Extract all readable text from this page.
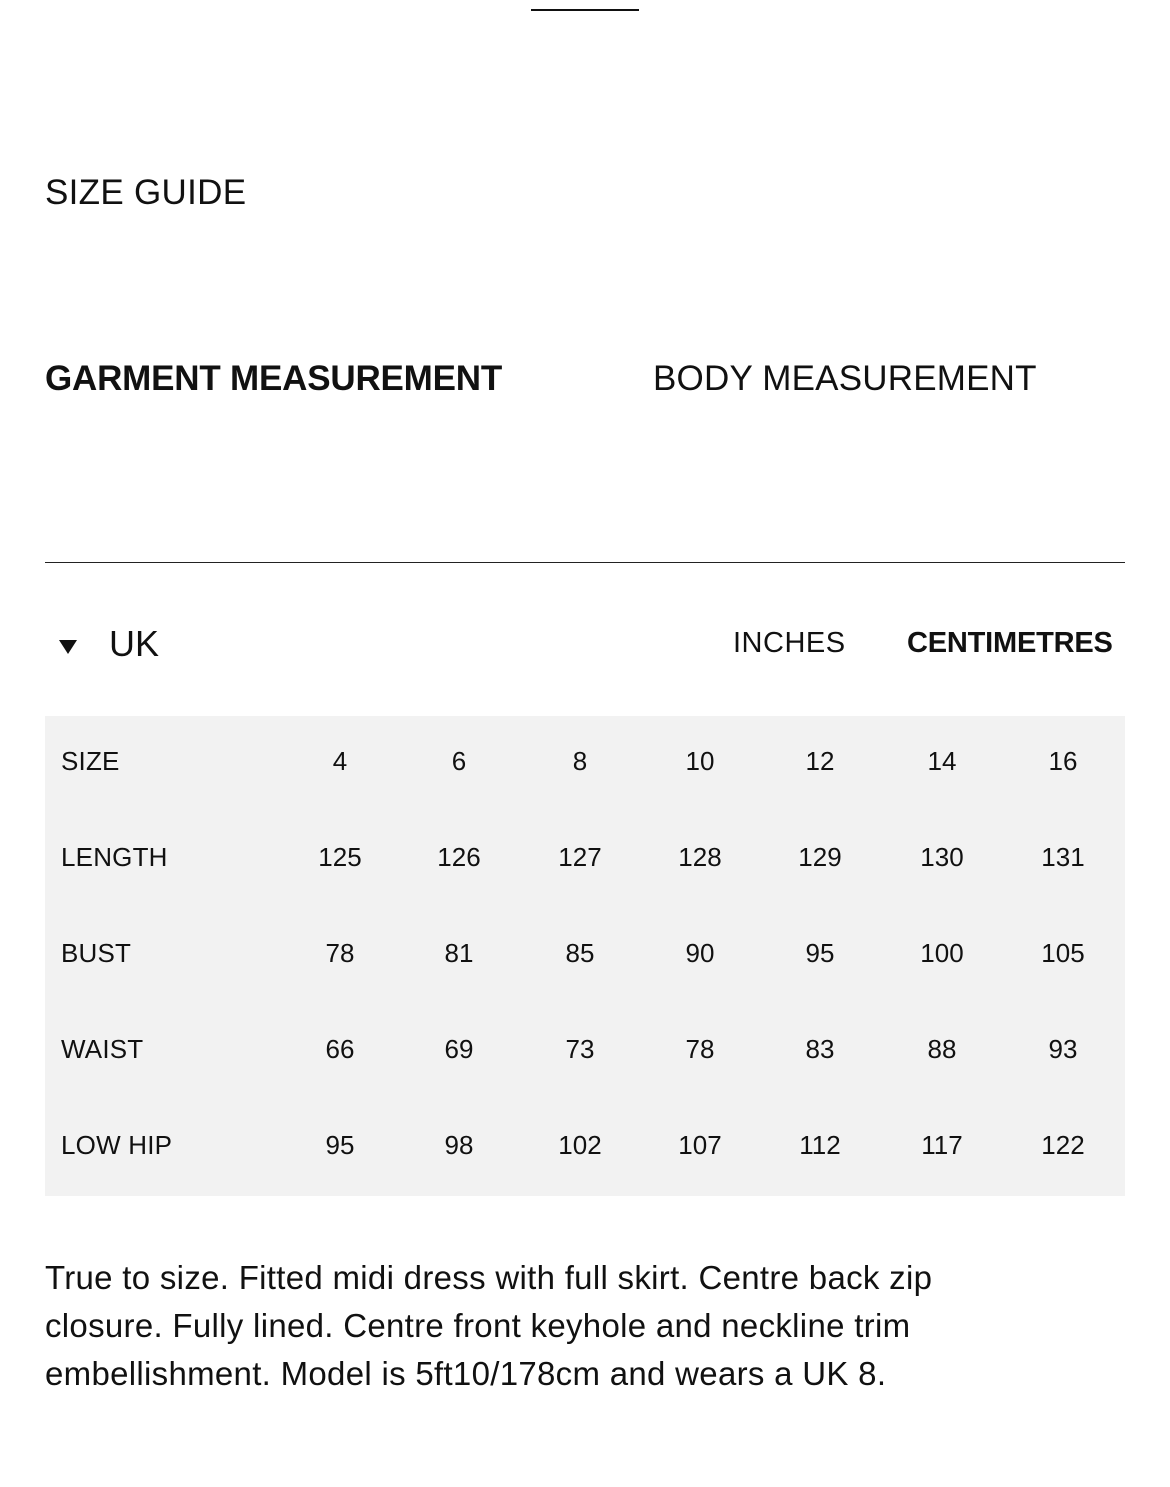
SIZE GUIDE
GARMENT MEASUREMENT	BODY MEASUREMENT
UK	INCHES CENTIMETRES
SIZE	4	6	8	10	12	14	16
LENGTH	125	126	127	128	129	130	131
BUST	78	81	85	90	95	100	105
WAIST	66	69	73	78	83	88	93
LOW HIP	95	98	102	107	112	117	122

True to size. Fitted midi dress with full skirt. Centre back zip closure. Fully lined. Centre front keyhole and neckline trim embellishment. Model is 5ft10/178cm and wears a UK 8.
